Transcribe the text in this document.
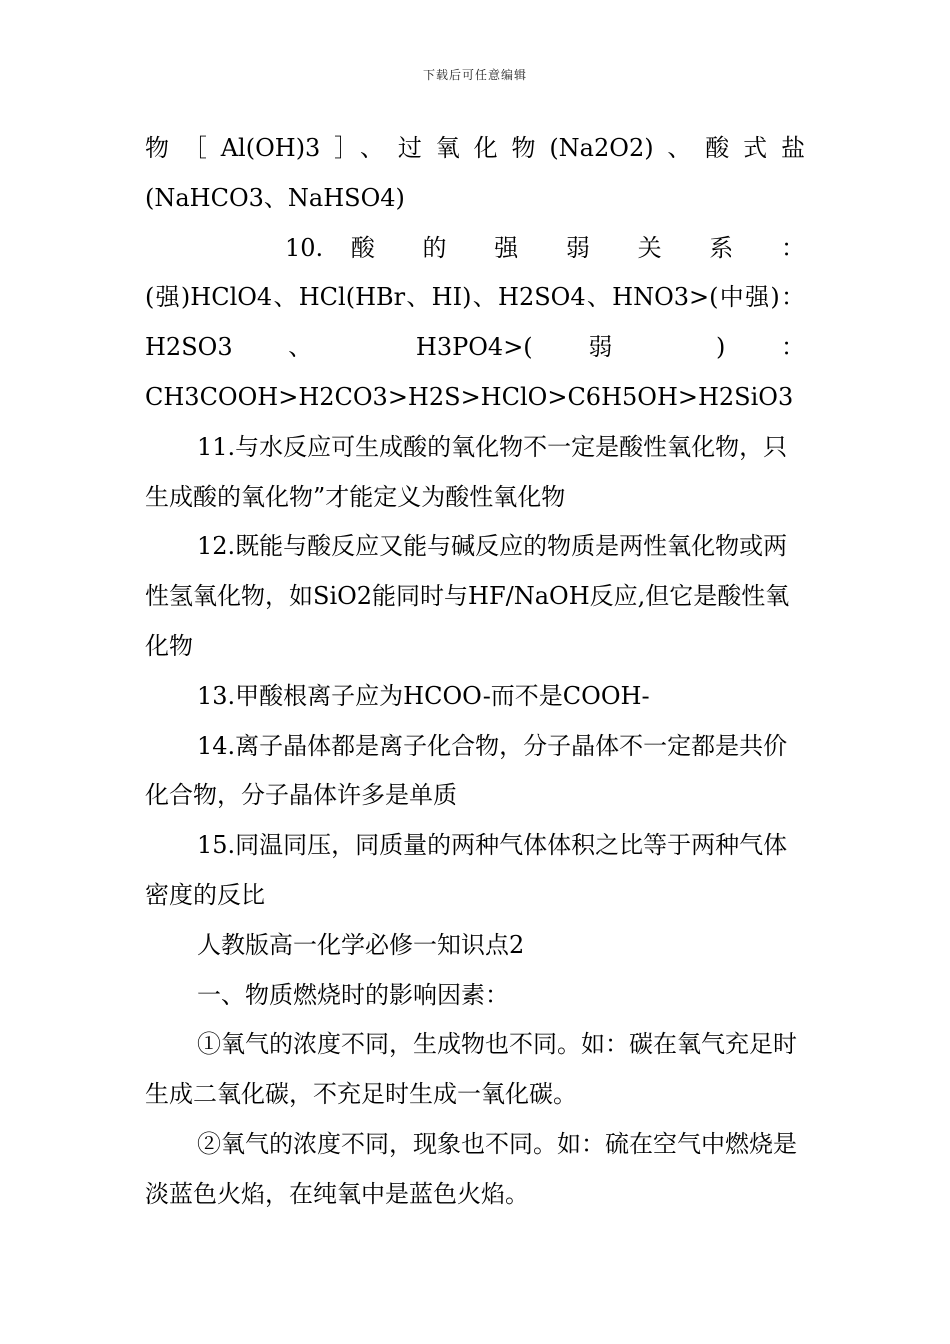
下载后可任意编辑

物［Al(OH)3］、过氧化物(Na2O2)、酸式盐

(NaHCO3、NaHSO4)

10. 酸 的 强 弱 关 系 ：

(强)HClO4、HCl(HBr、HI)、H2SO4、HNO3>(中强)：

H2SO3 、 H3PO4>( 弱 ) ：

CH3COOH>H2CO3>H2S>HClO>C6H5OH>H2SiO3

11.与水反应可生成酸的氧化物不一定是酸性氧化物，只生成酸的氧化物”才能定义为酸性氧化物

12.既能与酸反应又能与碱反应的物质是两性氧化物或两性氢氧化物，如SiO2能同时与HF/NaOH反应,但它是酸性氧化物

13.甲酸根离子应为HCOO-而不是COOH-

14.离子晶体都是离子化合物，分子晶体不一定都是共价化合物，分子晶体许多是单质

15.同温同压，同质量的两种气体体积之比等于两种气体密度的反比

人教版高一化学必修一知识点2

一、物质燃烧时的影响因素：

①氧气的浓度不同，生成物也不同。如：碳在氧气充足时生成二氧化碳，不充足时生成一氧化碳。

②氧气的浓度不同，现象也不同。如：硫在空气中燃烧是淡蓝色火焰，在纯氧中是蓝色火焰。
